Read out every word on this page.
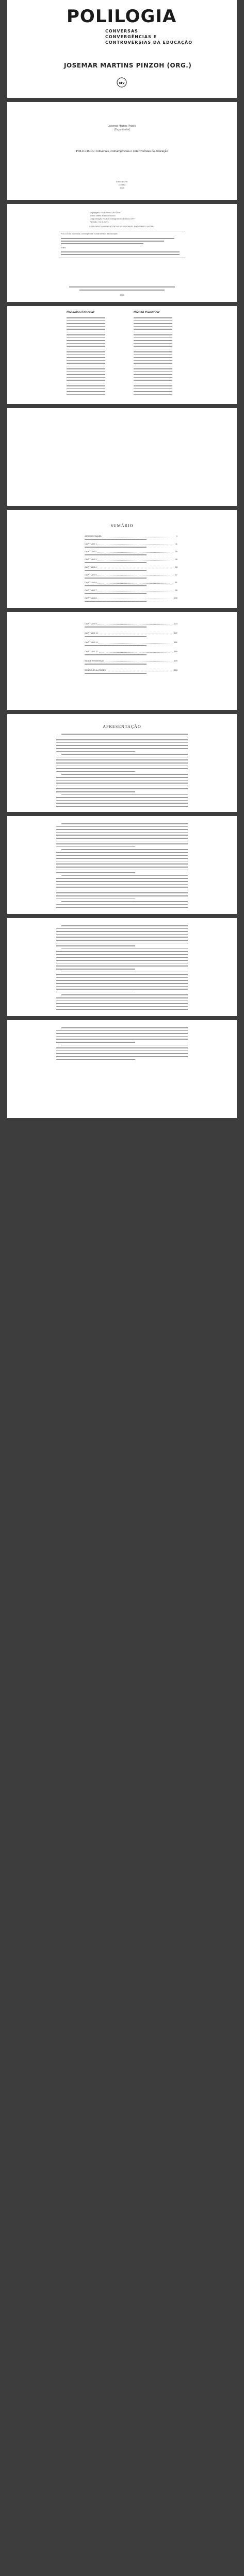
POLILOGIA
CONVERSAS
CONVERGÊNCIAS E
CONTROVÉRSIAS DA EDUCAÇÃO
JOSEMAR MARTINS PINZOH (ORG.)
crv
Josemar Martins Pinzoh
(Organizador)
POLILOGIA: conversas, convergências e controvérsias da educação
Editora CRV
Curitiba
2021
Copyright © da Editora CRV Ltda.
Editor-chefe: Railson Moura
Diagramação e Capa: Designers da Editora CRV
Revisão: Os Autores
ESTA OBRA TAMBÉM ENCONTRA-SE DISPONÍVEL EM FORMATO DIGITAL.
POLILOGIA: conversas, convergências e controvérsias da educação
ISBN
2021
Conselho Editorial:	Comitê Científico:
SUMÁRIO
APRESENTAÇÃO	9
CAPÍTULO 1	11
CAPÍTULO 2	25
CAPÍTULO 3	39
CAPÍTULO 4	53
CAPÍTULO 5	67
CAPÍTULO 6	81
CAPÍTULO 7	95
CAPÍTULO 8	109
CAPÍTULO 9	123
CAPÍTULO 10	137
CAPÍTULO 11	151
CAPÍTULO 12	165
ÍNDICE REMISSIVO	179
SOBRE OS AUTORES	183
APRESENTAÇÃO
